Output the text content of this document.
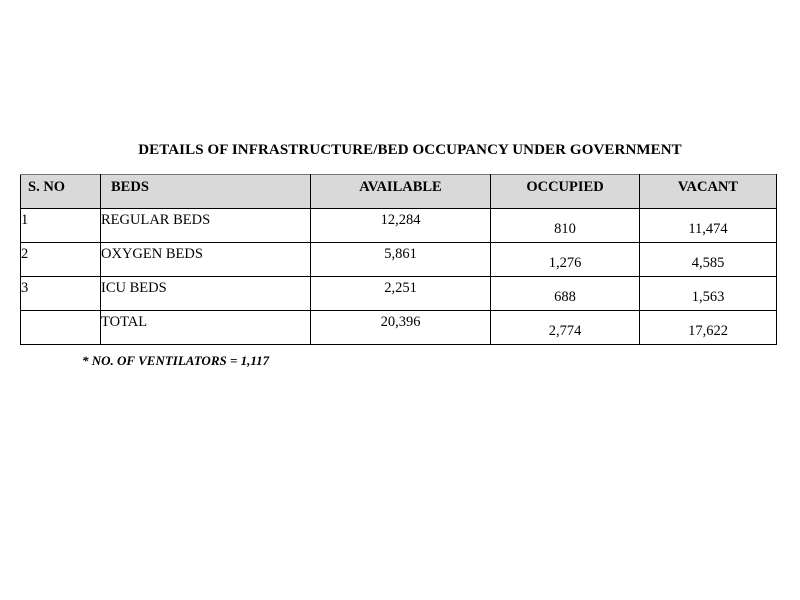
DETAILS OF INFRASTRUCTURE/BED OCCUPANCY UNDER GOVERNMENT
S. NO	BEDS	AVAILABLE	OCCUPIED	VACANT
1	REGULAR BEDS	12,284	810	11,474
2	OXYGEN BEDS	5,861	1,276	4,585
3	ICU BEDS	2,251	688	1,563
	TOTAL	20,396	2,774	17,622
* NO. OF VENTILATORS = 1,117
